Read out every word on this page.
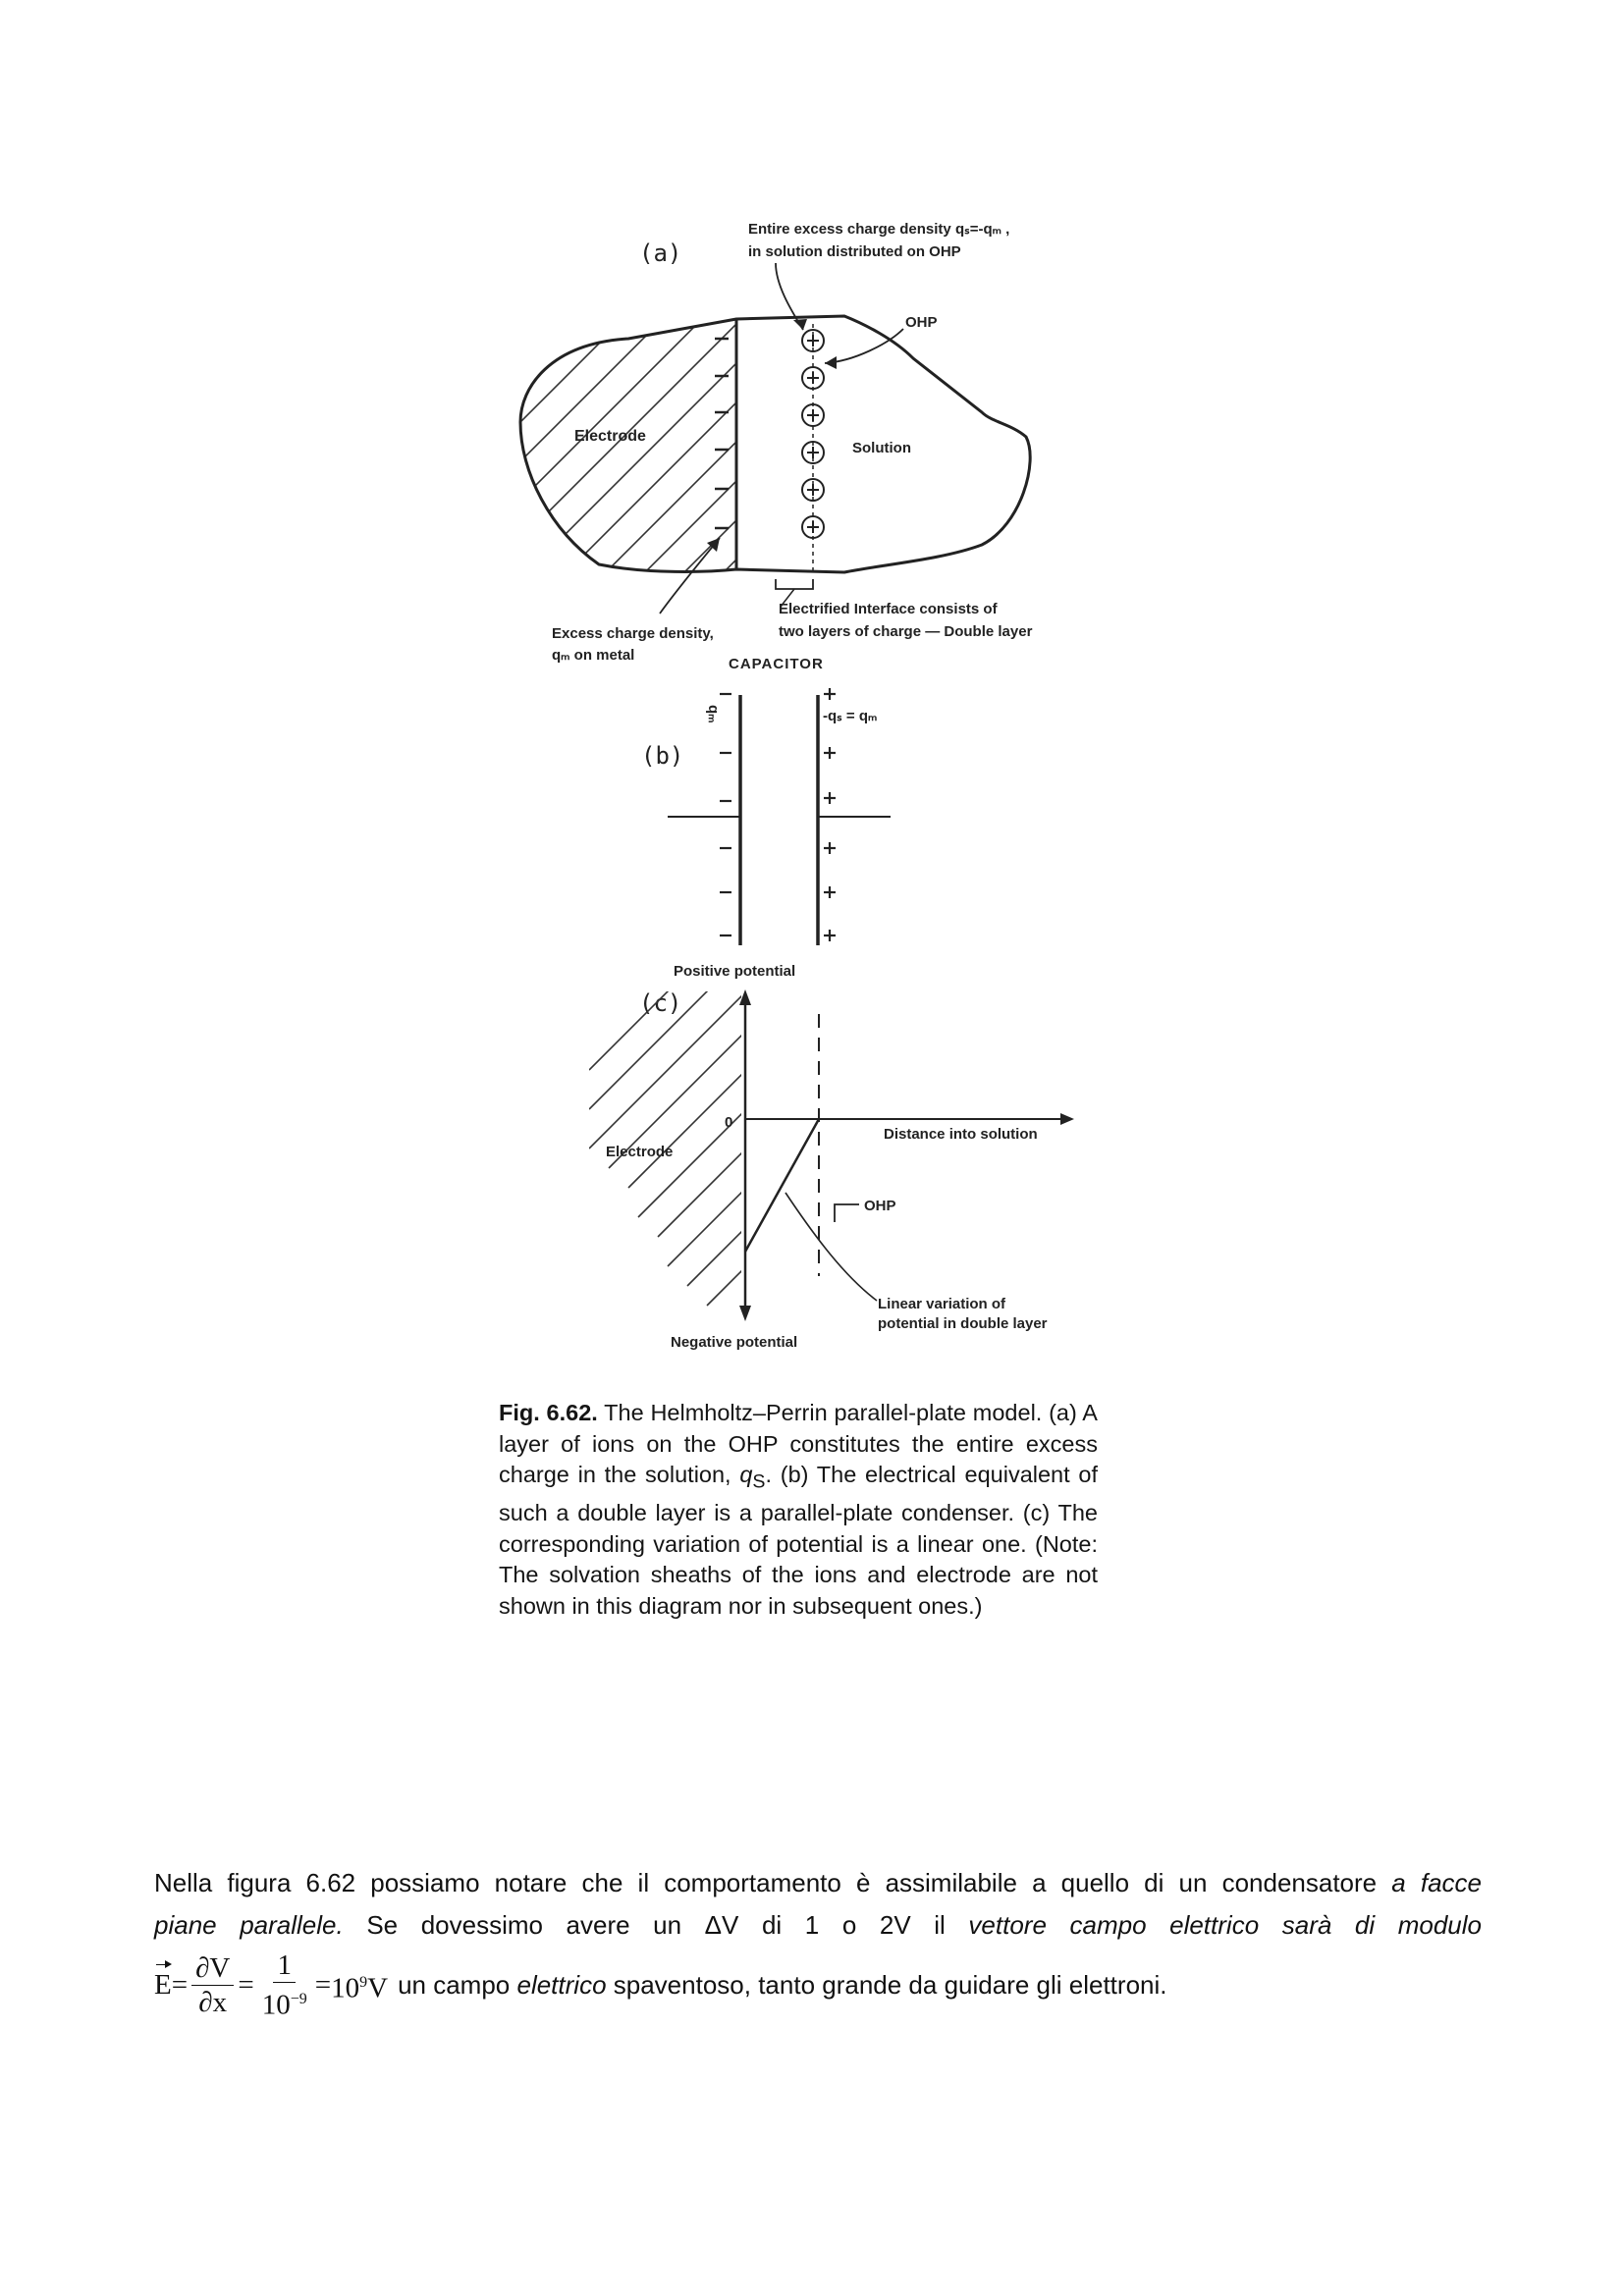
(a)
Entire excess charge density qₛ=-qₘ ,
in solution distributed on OHP
OHP
Electrode
Solution
Electrified Interface consists of
two layers of charge — Double layer
Excess charge density,
qₘ on metal
CAPACITOR
(b)
qₘ	-qₛ = qₘ
Positive potential
(c)
Electrode
0
Distance into solution
OHP
Linear variation of
potential in double layer
Negative potential
Fig. 6.62. The Helmholtz–Perrin parallel-plate model. (a) A layer of ions on the OHP constitutes the entire excess charge in the solution, $q_S$. (b) The electrical equivalent of such a double layer is a parallel-plate condenser. (c) The corresponding variation of potential is a linear one. (Note: The solvation sheaths of the ions and electrode are not shown in this diagram nor in subsequent ones.)
Nella figura 6.62 possiamo notare che il comportamento è assimilabile a quello di un condensatore a facce
piane parallele. Se dovessimo avere un ΔV di 1 o 2V il vettore campo elettrico sarà di modulo
$E = \frac{\partial V}{\partial x} = \frac{1}{10^{-9}} = 10^9V$ un campo
elettrico
spaventoso, tanto grande da guidare gli elettroni.
